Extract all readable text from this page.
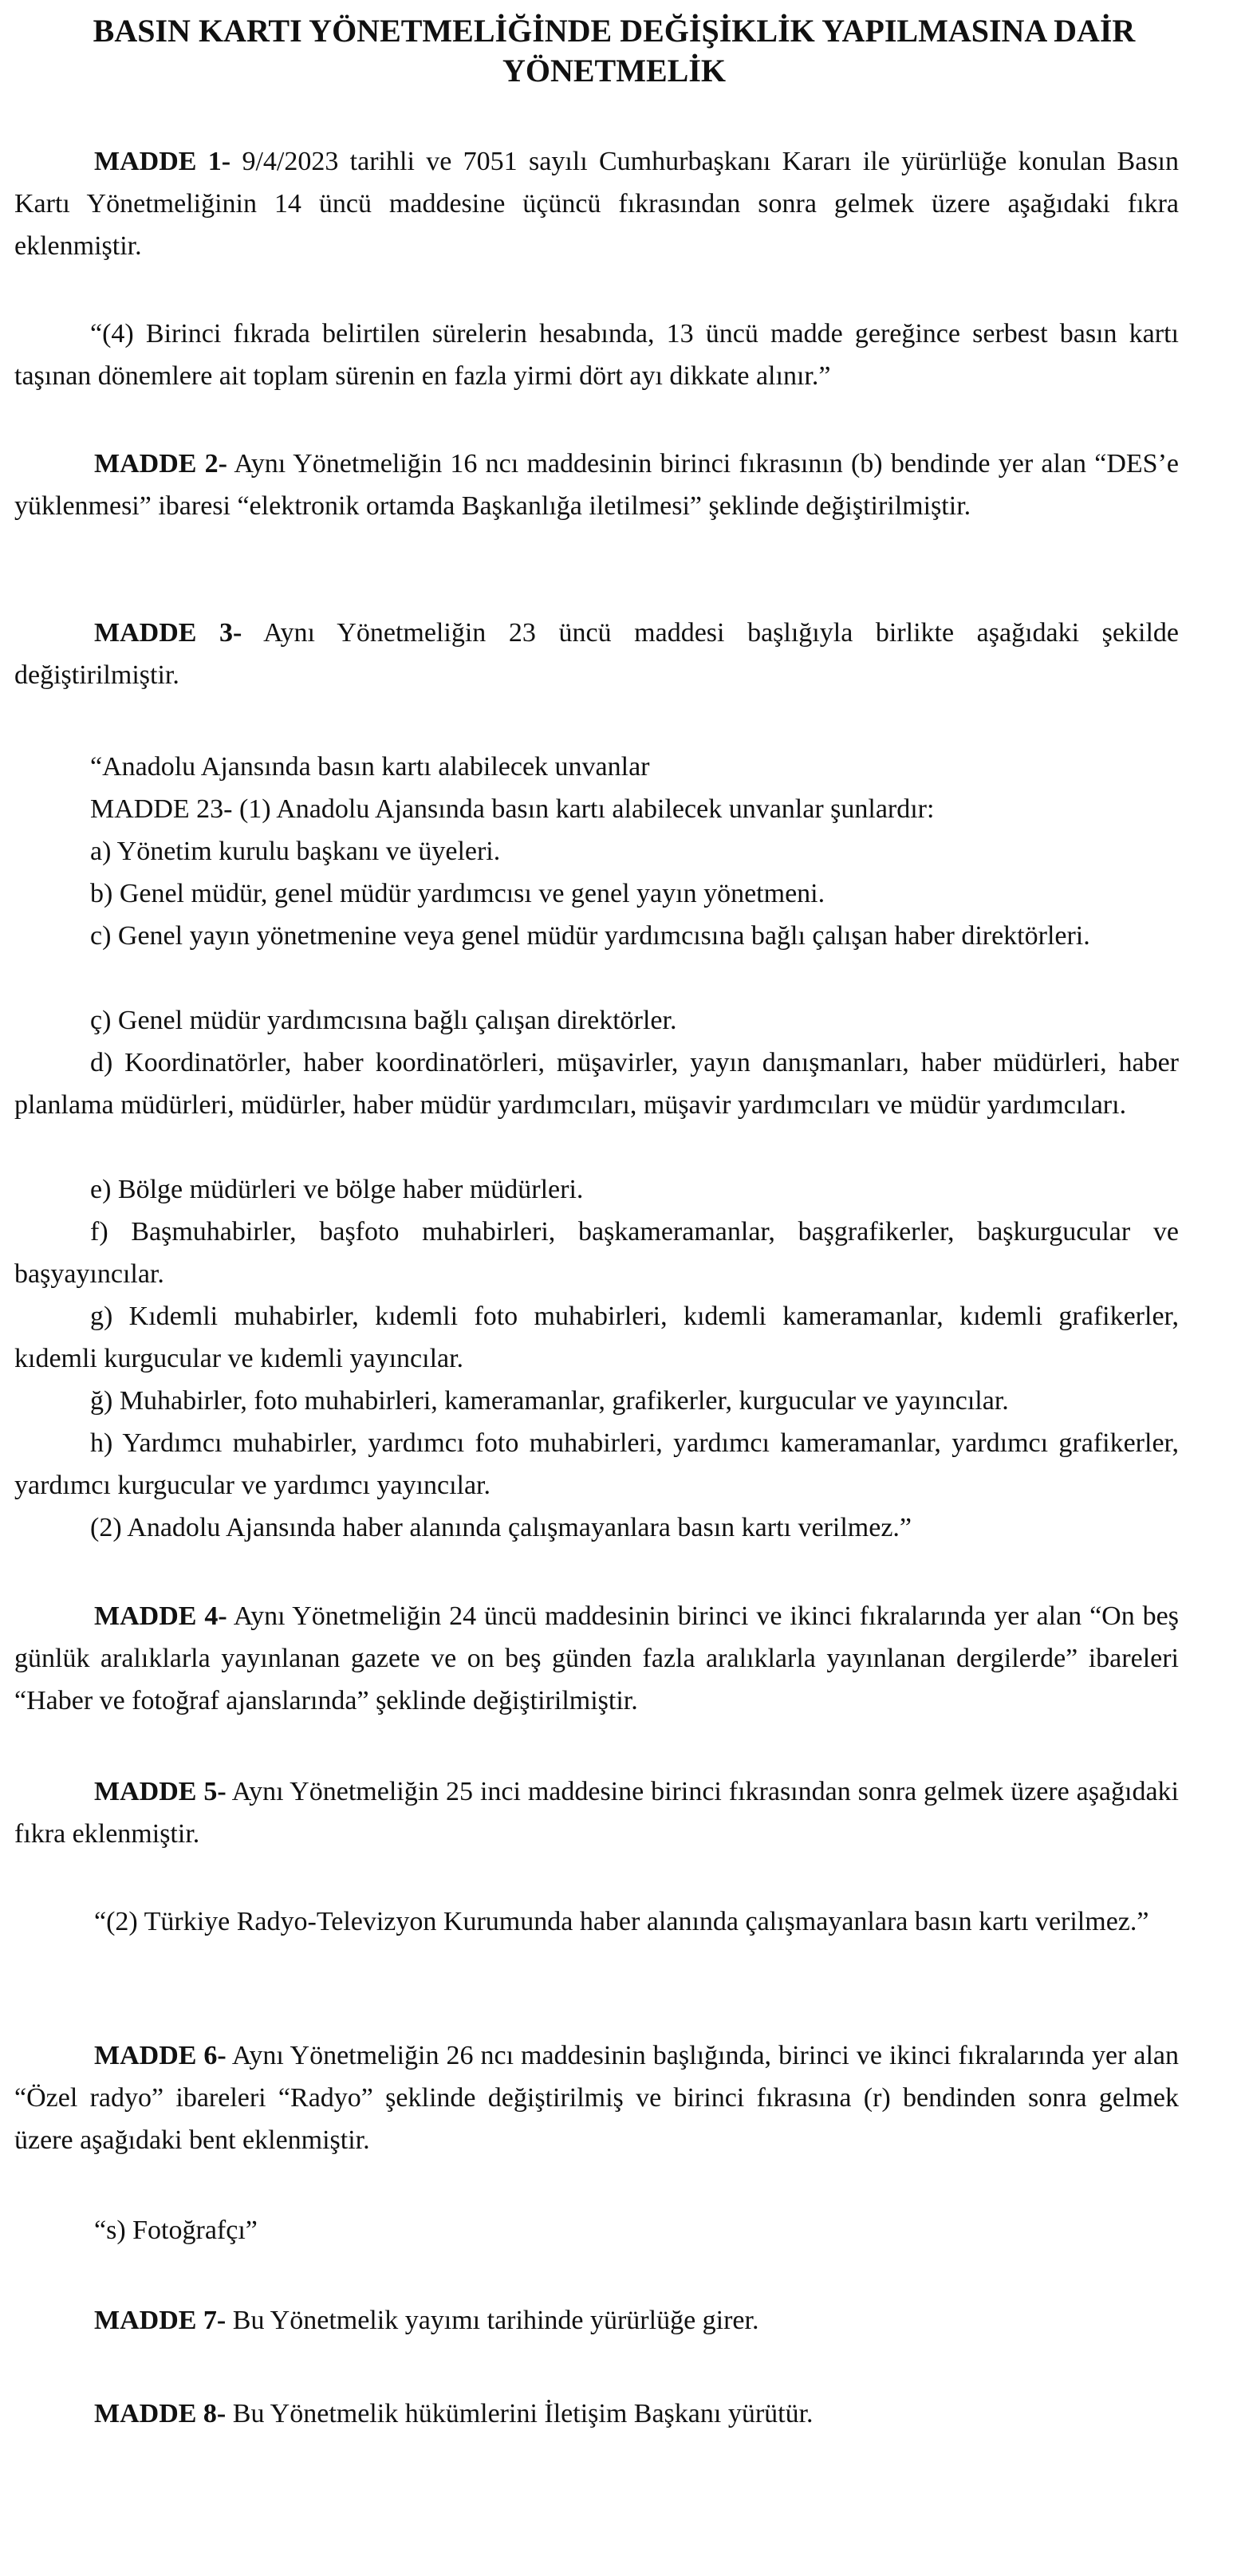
BASIN KARTI YÖNETMELİĞİNDE DEĞİŞİKLİK YAPILMASINA DAİR
YÖNETMELİK

MADDE 1- 9/4/2023 tarihli ve 7051 sayılı Cumhurbaşkanı Kararı ile yürürlüğe konulan Basın Kartı Yönetmeliğinin 14 üncü maddesine üçüncü fıkrasından sonra gelmek üzere aşağıdaki fıkra eklenmiştir.

“(4) Birinci fıkrada belirtilen sürelerin hesabında, 13 üncü madde gereğince serbest basın kartı taşınan dönemlere ait toplam sürenin en fazla yirmi dört ayı dikkate alınır.”

MADDE 2- Aynı Yönetmeliğin 16 ncı maddesinin birinci fıkrasının (b) bendinde yer alan “DES’e yüklenmesi” ibaresi “elektronik ortamda Başkanlığa iletilmesi” şeklinde değiştirilmiştir.

MADDE 3- Aynı Yönetmeliğin 23 üncü maddesi başlığıyla birlikte aşağıdaki şekilde değiştirilmiştir.

“Anadolu Ajansında basın kartı alabilecek unvanlar

MADDE 23- (1) Anadolu Ajansında basın kartı alabilecek unvanlar şunlardır:

a) Yönetim kurulu başkanı ve üyeleri.

b) Genel müdür, genel müdür yardımcısı ve genel yayın yönetmeni.

c) Genel yayın yönetmenine veya genel müdür yardımcısına bağlı çalışan haber direktörleri.

ç) Genel müdür yardımcısına bağlı çalışan direktörler.

d) Koordinatörler, haber koordinatörleri, müşavirler, yayın danışmanları, haber müdürleri, haber planlama müdürleri, müdürler, haber müdür yardımcıları, müşavir yardımcıları ve müdür yardımcıları.

e) Bölge müdürleri ve bölge haber müdürleri.

f) Başmuhabirler, başfoto muhabirleri, başkameramanlar, başgrafikerler, başkurgucular ve başyayıncılar.

g) Kıdemli muhabirler, kıdemli foto muhabirleri, kıdemli kameramanlar, kıdemli grafikerler, kıdemli kurgucular ve kıdemli yayıncılar.

ğ) Muhabirler, foto muhabirleri, kameramanlar, grafikerler, kurgucular ve yayıncılar.

h) Yardımcı muhabirler, yardımcı foto muhabirleri, yardımcı kameramanlar, yardımcı grafikerler, yardımcı kurgucular ve yardımcı yayıncılar.

(2) Anadolu Ajansında haber alanında çalışmayanlara basın kartı verilmez.”

MADDE 4- Aynı Yönetmeliğin 24 üncü maddesinin birinci ve ikinci fıkralarında yer alan “On beş günlük aralıklarla yayınlanan gazete ve on beş günden fazla aralıklarla yayınlanan dergilerde” ibareleri “Haber ve fotoğraf ajanslarında” şeklinde değiştirilmiştir.

MADDE 5- Aynı Yönetmeliğin 25 inci maddesine birinci fıkrasından sonra gelmek üzere aşağıdaki fıkra eklenmiştir.

“(2) Türkiye Radyo-Televizyon Kurumunda haber alanında çalışmayanlara basın kartı verilmez.”

MADDE 6- Aynı Yönetmeliğin 26 ncı maddesinin başlığında, birinci ve ikinci fıkralarında yer alan “Özel radyo” ibareleri “Radyo” şeklinde değiştirilmiş ve birinci fıkrasına (r) bendinden sonra gelmek üzere aşağıdaki bent eklenmiştir.

“s) Fotoğrafçı”

MADDE 7- Bu Yönetmelik yayımı tarihinde yürürlüğe girer.

MADDE 8- Bu Yönetmelik hükümlerini İletişim Başkanı yürütür.
